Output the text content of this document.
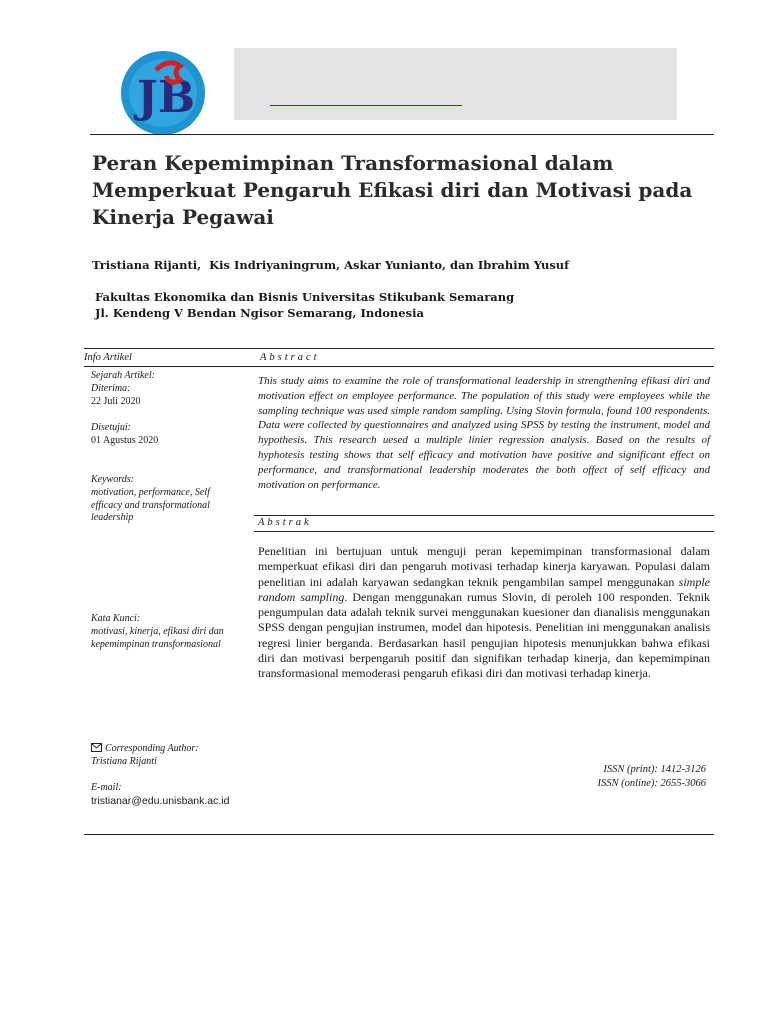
JB
Peran Kepemimpinan Transformasional dalam Memperkuat Pengaruh Efikasi diri dan Motivasi pada Kinerja Pegawai
Tristiana Rijanti,  Kis Indriyaningrum, Askar Yunianto, dan Ibrahim Yusuf
Fakultas Ekonomika dan Bisnis Universitas Stikubank Semarang
Jl. Kendeng V Bendan Ngisor Semarang, Indonesia
Info Artikel	Abstract
Abstrak
Sejarah Artikel:
Diterima:
22 Juli 2020
Disetujui:
01 Agustus 2020
Keywords:
motivation, performance, Self efficacy and transformational leadership
Kata Kunci:
motivasi, kinerja, efikasi diri dan kepemimpinan transformasional
Corresponding Author:
Tristiana Rijanti
E-mail:
tristianar@edu.unisbank.ac.id

This study aims to examine the role of transformational leadership in strengthening efikasi diri and motivation effect on employee performance. The population of this study were employees while the sampling technique was used simple random sampling. Using Slovin formula, found 100 respondents. Data were collected by questionnaires and analyzed using SPSS by testing the instrument, model and hypothesis. This research uesed a multiple linier regression analysis. Based on the results of hyphotesis testing shows that self efficacy and motivation have positive and significant effect on performance, and transformational leadership moderates the both offect of self efficacy and motivation on performance.

Penelitian ini bertujuan untuk menguji peran kepemimpinan transformasional dalam memperkuat efikasi diri dan pengaruh motivasi terhadap kinerja karyawan. Populasi dalam penelitian ini adalah karyawan sedangkan teknik pengambilan sampel menggunakan simple random sampling. Dengan menggunakan rumus Slovin, di peroleh 100 responden. Teknik pengumpulan data adalah teknik survei menggunakan kuesioner dan dianalisis menggunakan SPSS dengan pengujian instrumen, model dan hipotesis. Penelitian ini menggunakan analisis regresi linier berganda. Berdasarkan hasil pengujian hipotesis menunjukkan bahwa efikasi diri dan motivasi berpengaruh positif dan signifikan terhadap kinerja, dan kepemimpinan transformasional memoderasi pengaruh efikasi diri dan motivasi terhadap kinerja.

ISSN (print): 1412-3126
ISSN (online): 2655-3066
